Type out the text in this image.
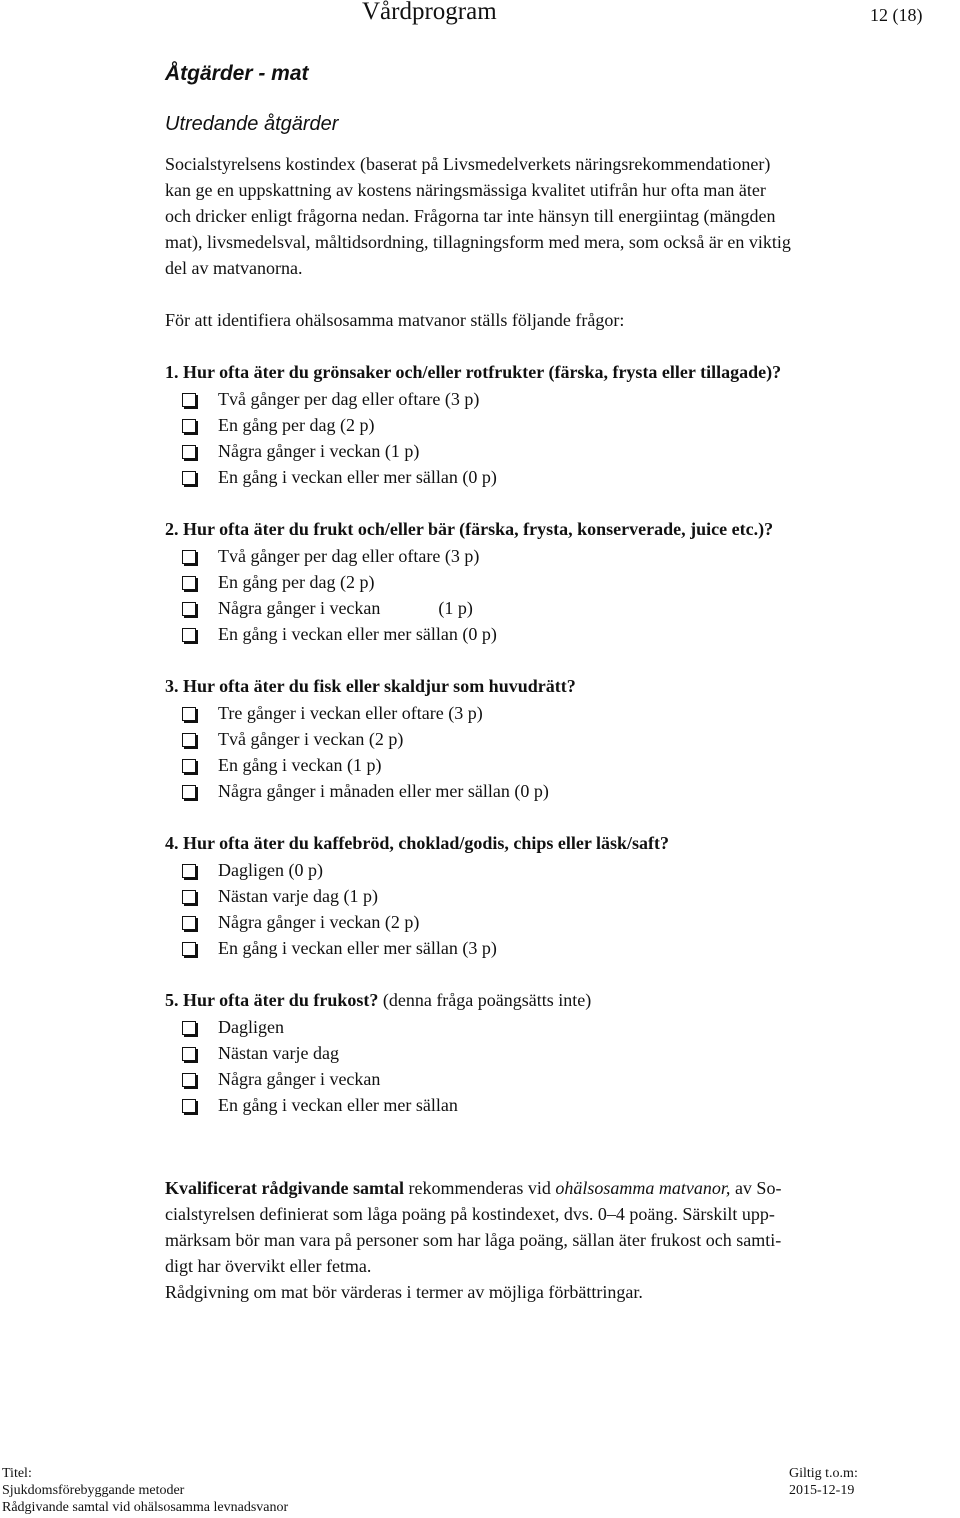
Vårdprogram	12 (18)
Åtgärder - mat
Utredande åtgärder

Socialstyrelsens kostindex (baserat på Livsmedelverkets näringsrekommendationer)

kan ge en uppskattning av kostens näringsmässiga kvalitet utifrån hur ofta man äter

och dricker enligt frågorna nedan. Frågorna tar inte hänsyn till energiintag (mängden

mat), livsmedelsval, måltidsordning, tillagningsform med mera, som också är en viktig

del av matvanorna.

För att identifiera ohälsosamma matvanor ställs följande frågor:
1. Hur ofta äter du grönsaker och/eller rotfrukter (färska, frysta eller tillagade)?
Två gånger per dag eller oftare (3 p)
En gång per dag (2 p)
Några gånger i veckan (1 p)
En gång i veckan eller mer sällan (0 p)
2. Hur ofta äter du frukt och/eller bär (färska, frysta, konserverade, juice etc.)?
Två gånger per dag eller oftare (3 p)
En gång per dag (2 p)
Några gånger i veckan	(1 p)
En gång i veckan eller mer sällan (0 p)
3. Hur ofta äter du fisk eller skaldjur som huvudrätt?
Tre gånger i veckan eller oftare (3 p)
Två gånger i veckan (2 p)
En gång i veckan (1 p)
Några gånger i månaden eller mer sällan (0 p)
4. Hur ofta äter du kaffebröd, choklad/godis, chips eller läsk/saft?
Dagligen (0 p)
Nästan varje dag (1 p)
Några gånger i veckan (2 p)
En gång i veckan eller mer sällan (3 p)
5. Hur ofta äter du frukost? (denna fråga poängsätts inte)
Dagligen
Nästan varje dag
Några gånger i veckan
En gång i veckan eller mer sällan

Kvalificerat rådgivande samtal rekommenderas vid ohälsosamma matvanor, av So-

cialstyrelsen definierat som låga poäng på kostindexet, dvs. 0–4 poäng. Särskilt upp-

märksam bör man vara på personer som har låga poäng, sällan äter frukost och samti-

digt har övervikt eller fetma.

Rådgivning om mat bör värderas i termer av möjliga förbättringar.

Titel:
Sjukdomsförebyggande metoder
Rådgivande samtal vid ohälsosamma levnadsvanor
Giltig t.o.m:
2015-12-19
